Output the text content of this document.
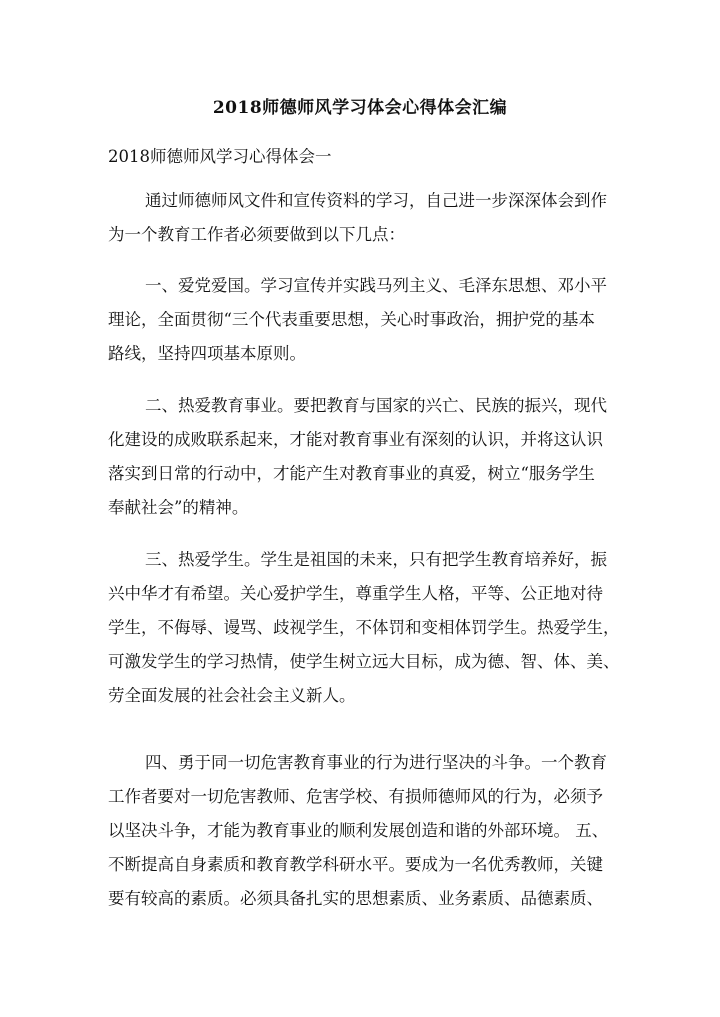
2018师德师风学习体会心得体会汇编
2018师德师风学习心得体会一
通过师德师风文件和宣传资料的学习，自己进一步深深体会到作
为一个教育工作者必须要做到以下几点：
一、爱党爱国。学习宣传并实践马列主义、毛泽东思想、邓小平
理论，全面贯彻“三个代表重要思想，关心时事政治，拥护党的基本
路线，坚持四项基本原则。
二、热爱教育事业。要把教育与国家的兴亡、民族的振兴，现代
化建设的成败联系起来，才能对教育事业有深刻的认识，并将这认识
落实到日常的行动中，才能产生对教育事业的真爱，树立“服务学生
奉献社会”的精神。
三、热爱学生。学生是祖国的未来，只有把学生教育培养好，振
兴中华才有希望。关心爱护学生，尊重学生人格，平等、公正地对待
学生，不侮辱、谩骂、歧视学生，不体罚和变相体罚学生。热爱学生，
可激发学生的学习热情，使学生树立远大目标，成为德、智、体、美、
劳全面发展的社会社会主义新人。
四、勇于同一切危害教育事业的行为进行坚决的斗争。一个教育
工作者要对一切危害教师、危害学校、有损师德师风的行为，必须予
以坚决斗争，才能为教育事业的顺利发展创造和谐的外部环境。 五、
不断提高自身素质和教育教学科研水平。要成为一名优秀教师，关键
要有较高的素质。必须具备扎实的思想素质、业务素质、品德素质、
